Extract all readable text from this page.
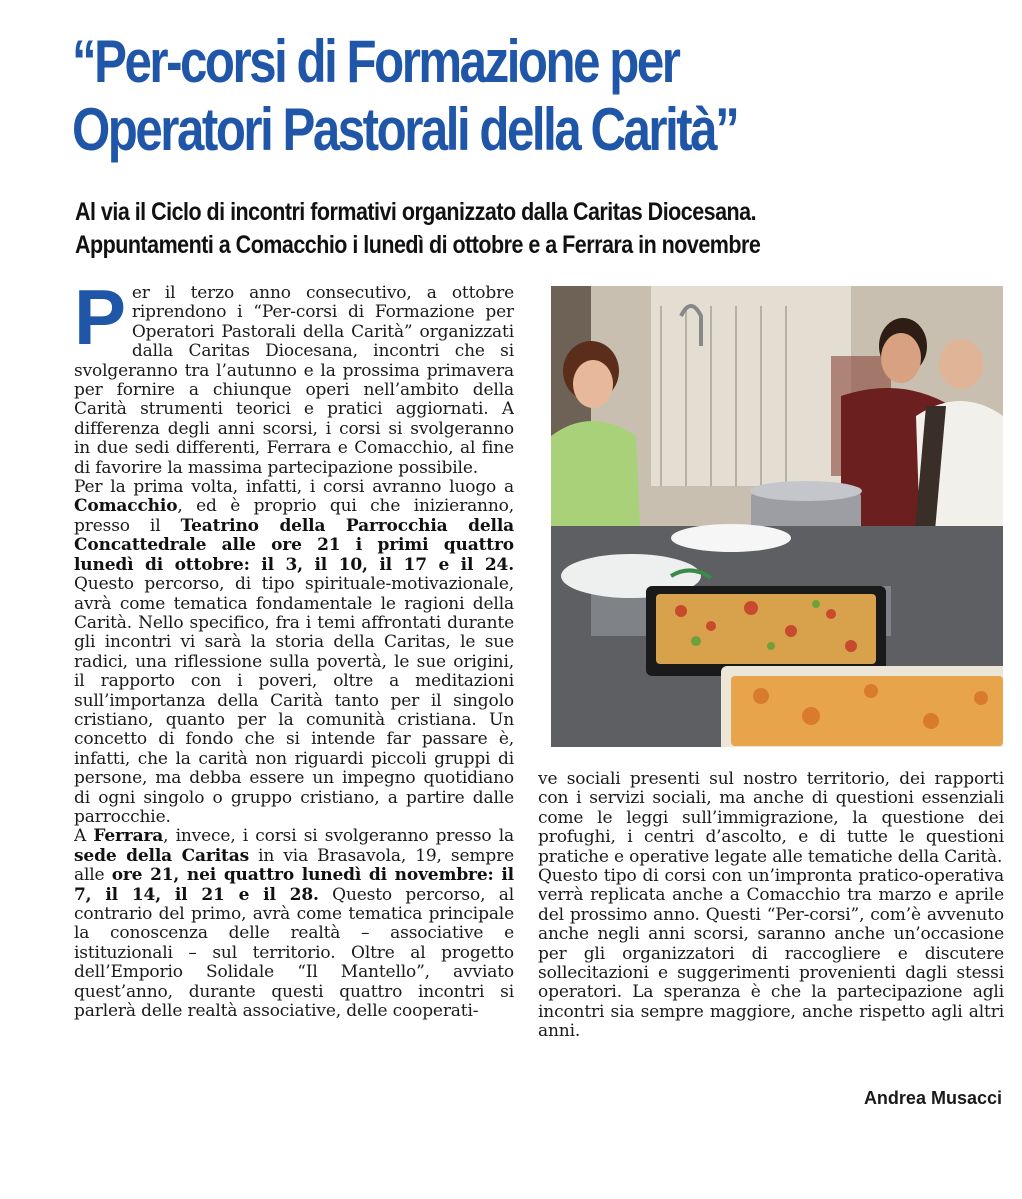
“Per-corsi di Formazione per
Operatori Pastorali della Carità”
Al via il Ciclo di incontri formativi organizzato dalla Caritas Diocesana.
Appuntamenti a Comacchio i lunedì di ottobre e a Ferrara in novembre

Per il terzo anno consecutivo, a ottobre riprendono i “Per-corsi di Formazione per Operatori Pastorali della Carità” organizzati dalla Caritas Diocesana, incontri che si svolgeranno tra l’autunno e la prossima primavera per fornire a chiunque operi nell’ambito della Carità strumenti teorici e pratici aggiornati. A differenza degli anni scorsi, i corsi si svolgeranno in due sedi differenti, Ferrara e Comacchio, al fine di favorire la massima partecipazione possibile.

Per la prima volta, infatti, i corsi avranno luogo a Comacchio, ed è proprio qui che inizieranno, presso il Teatrino della Parrocchia della Concattedrale alle ore 21 i primi quattro lunedì di ottobre: il 3, il 10, il 17 e il 24. Questo percorso, di tipo spirituale-motivazionale, avrà come tematica fondamentale le ragioni della Carità. Nello specifico, fra i temi affrontati durante gli incontri vi sarà la storia della Caritas, le sue radici, una riflessione sulla povertà, le sue origini, il rapporto con i poveri, oltre a meditazioni sull’importanza della Carità tanto per il singolo cristiano, quanto per la comunità cristiana. Un concetto di fondo che si intende far passare è, infatti, che la carità non riguardi piccoli gruppi di persone, ma debba essere un impegno quotidiano di ogni singolo o gruppo cristiano, a partire dalle parrocchie.

A Ferrara, invece, i corsi si svolgeranno presso la sede della Caritas in via Brasavola, 19, sempre alle ore 21, nei quattro lunedì di novembre: il 7, il 14, il 21 e il 28. Questo percorso, al contrario del primo, avrà come tematica principale la conoscenza delle realtà – associative e istituzionali – sul territorio. Oltre al progetto dell’Emporio Solidale “Il Mantello”, avviato quest’anno, durante questi quattro incontri si parlerà delle realtà associative, delle cooperati-

ve sociali presenti sul nostro territorio, dei rapporti con i servizi sociali, ma anche di questioni essenziali come le leggi sull’immigrazione, la questione dei profughi, i centri d’ascolto, e di tutte le questioni pratiche e operative legate alle tematiche della Carità.

Questo tipo di corsi con un’impronta pratico-operativa verrà replicata anche a Comacchio tra marzo e aprile del prossimo anno. Questi “Per-corsi”, com’è avvenuto anche negli anni scorsi, saranno anche un’occasione per gli organizzatori di raccogliere e discutere sollecitazioni e suggerimenti provenienti dagli stessi operatori. La speranza è che la partecipazione agli incontri sia sempre maggiore, anche rispetto agli altri anni.

Andrea Musacci
